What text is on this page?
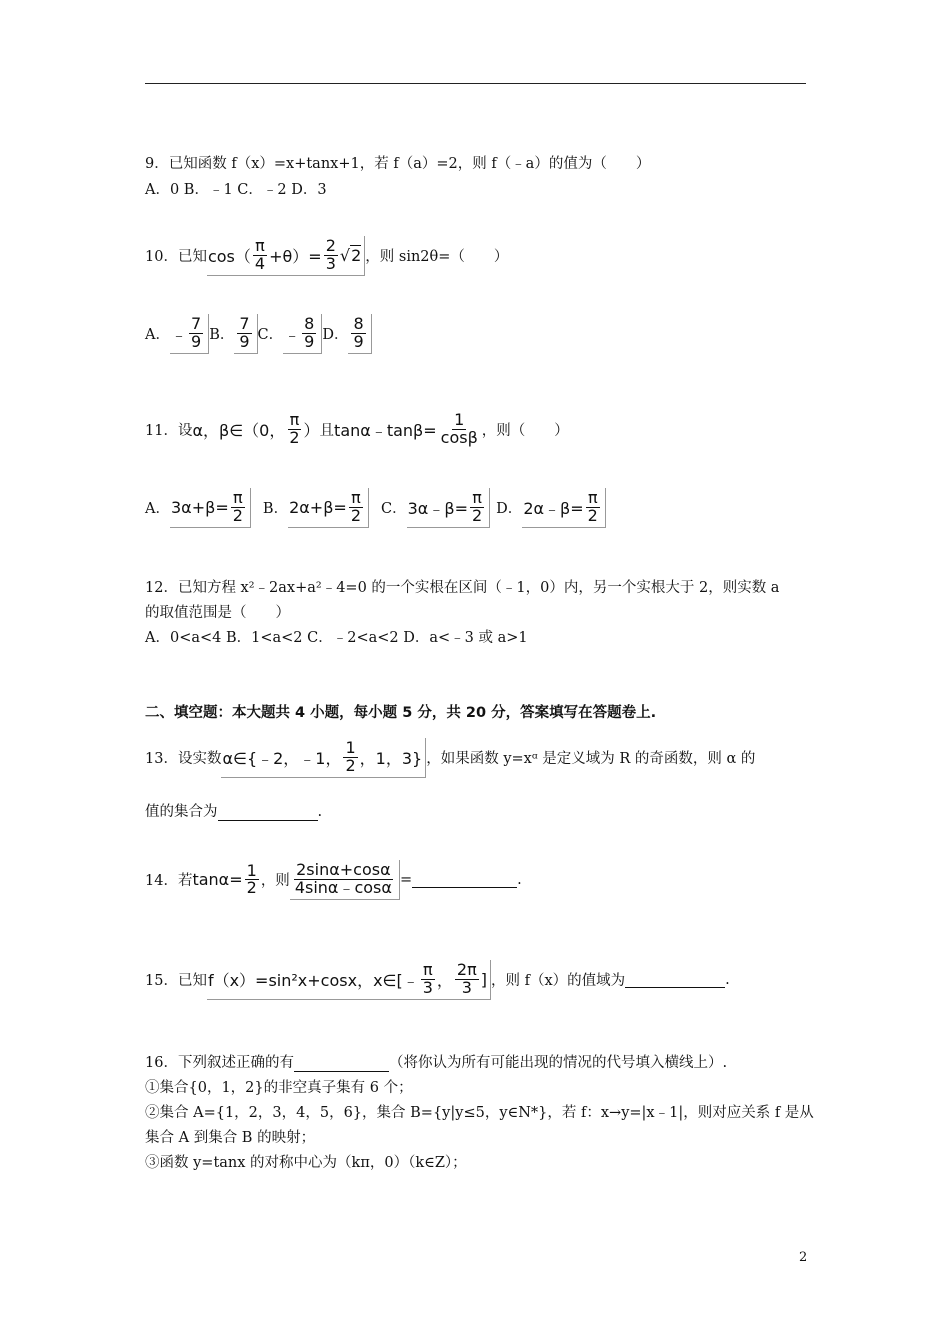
9．已知函数 f（x）=x+tanx+1，若 f（a）=2，则 f（﹣a）的值为（　　）
A．0 B．﹣1 C．﹣2 D．3
10．已知 $\cos( \frac{\pi}{4} +\theta)= \frac{2}{3}$ √ 2 ，则 sin2θ=（　　）
A． ﹣ $\frac{7}{9}$ B． $\frac{7}{9}$ C． ﹣ $\frac{8}{9}$ D． $\frac{8}{9}$
11．设 α，β∈（0， $\frac{\pi}{2}$ ） 且 tanα﹣tanβ= $\frac{1}{\cos\beta}$ ，则（　　）
A． $3\alpha+\beta= \frac{\pi}{2}$ B． $2\alpha+\beta= \frac{\pi}{2}$ C． 3α﹣β= $\frac{\pi}{2}$ D． 2α﹣β= $\frac{\pi}{2}$
12．已知方程 x²﹣2ax+a²﹣4=0 的一个实根在区间（﹣1，0）内，另一个实根大于 2，则实数 a
的取值范围是（　　）
A．0<a<4 B．1<a<2 C．﹣2<a<2 D．a<﹣3 或 a>1
二、填空题：本大题共 4 小题，每小题 5 分，共 20 分，答案填写在答题卷上.
13．设实数 α∈{﹣2，﹣1， $\frac{1}{2}$ ，1，3} ，如果函数 y=xᵅ 是定义域为 R 的奇函数，则 α 的
值的集合为	.
14．若 $\tan\alpha= \frac{1}{2}$ ，则 $\frac{2\sin\alpha+\cos\alpha}{4\sin\alpha﹣\cos\alpha}$ =	.
15．已知 f（x）=sin²x+cosx，x∈[﹣ $\frac{\pi}{3}$ ， $\frac{2\pi}{3}$ ] ，则 f（x）的值域为	.
16．下列叙述正确的有	（将你认为所有可能出现的情况的代号填入横线上）.
①集合{0，1，2}的非空真子集有 6 个；
②集合 A={1，2，3，4，5，6}，集合 B={y|y≤5，y∈N*}，若 f：x→y=|x﹣1|，则对应关系 f 是从
集合 A 到集合 B 的映射；
③函数 y=tanx 的对称中心为（kπ，0）（k∈Z）；
2
